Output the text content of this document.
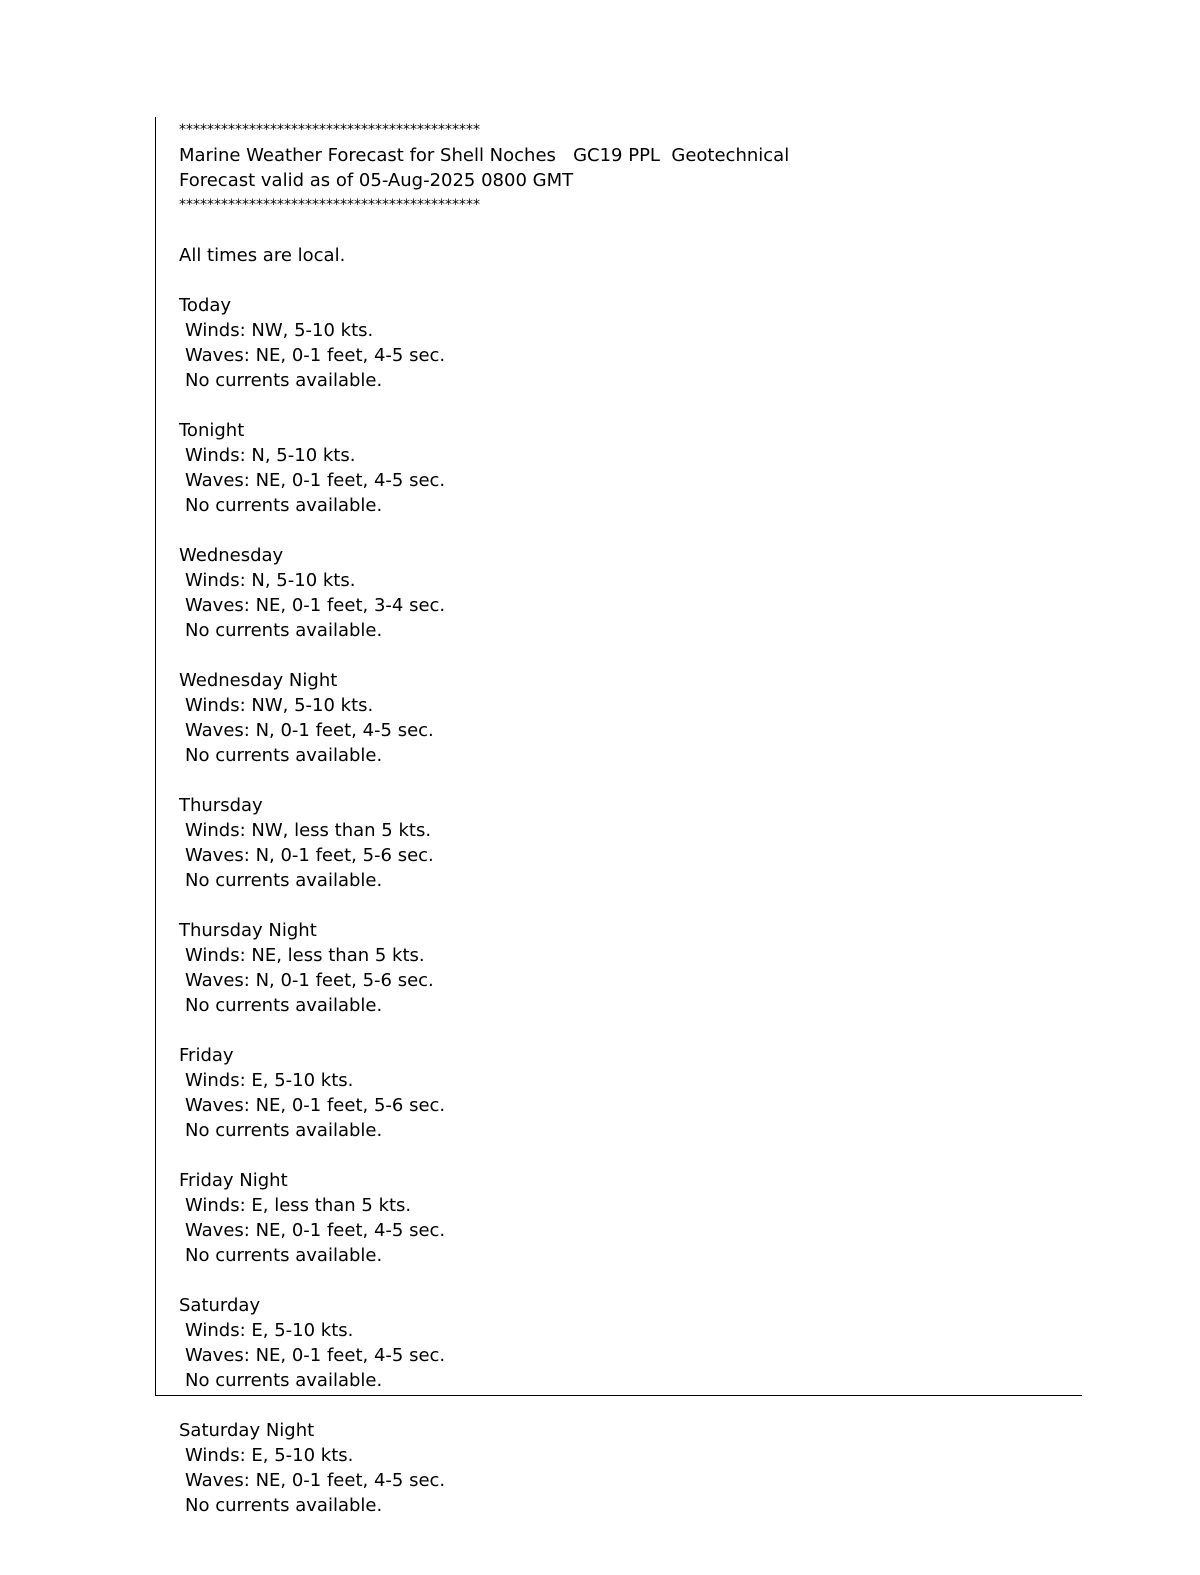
*******************************************
Marine Weather Forecast for Shell Noches   GC19 PPL  Geotechnical
Forecast valid as of 05-Aug-2025 0800 GMT
*******************************************
All times are local.
Today
Winds: NW, 5-10 kts.
Waves: NE, 0-1 feet, 4-5 sec.
No currents available.
Tonight
Winds: N, 5-10 kts.
Waves: NE, 0-1 feet, 4-5 sec.
No currents available.
Wednesday
Winds: N, 5-10 kts.
Waves: NE, 0-1 feet, 3-4 sec.
No currents available.
Wednesday Night
Winds: NW, 5-10 kts.
Waves: N, 0-1 feet, 4-5 sec.
No currents available.
Thursday
Winds: NW, less than 5 kts.
Waves: N, 0-1 feet, 5-6 sec.
No currents available.
Thursday Night
Winds: NE, less than 5 kts.
Waves: N, 0-1 feet, 5-6 sec.
No currents available.
Friday
Winds: E, 5-10 kts.
Waves: NE, 0-1 feet, 5-6 sec.
No currents available.
Friday Night
Winds: E, less than 5 kts.
Waves: NE, 0-1 feet, 4-5 sec.
No currents available.
Saturday
Winds: E, 5-10 kts.
Waves: NE, 0-1 feet, 4-5 sec.
No currents available.
Saturday Night
Winds: E, 5-10 kts.
Waves: NE, 0-1 feet, 4-5 sec.
No currents available.
